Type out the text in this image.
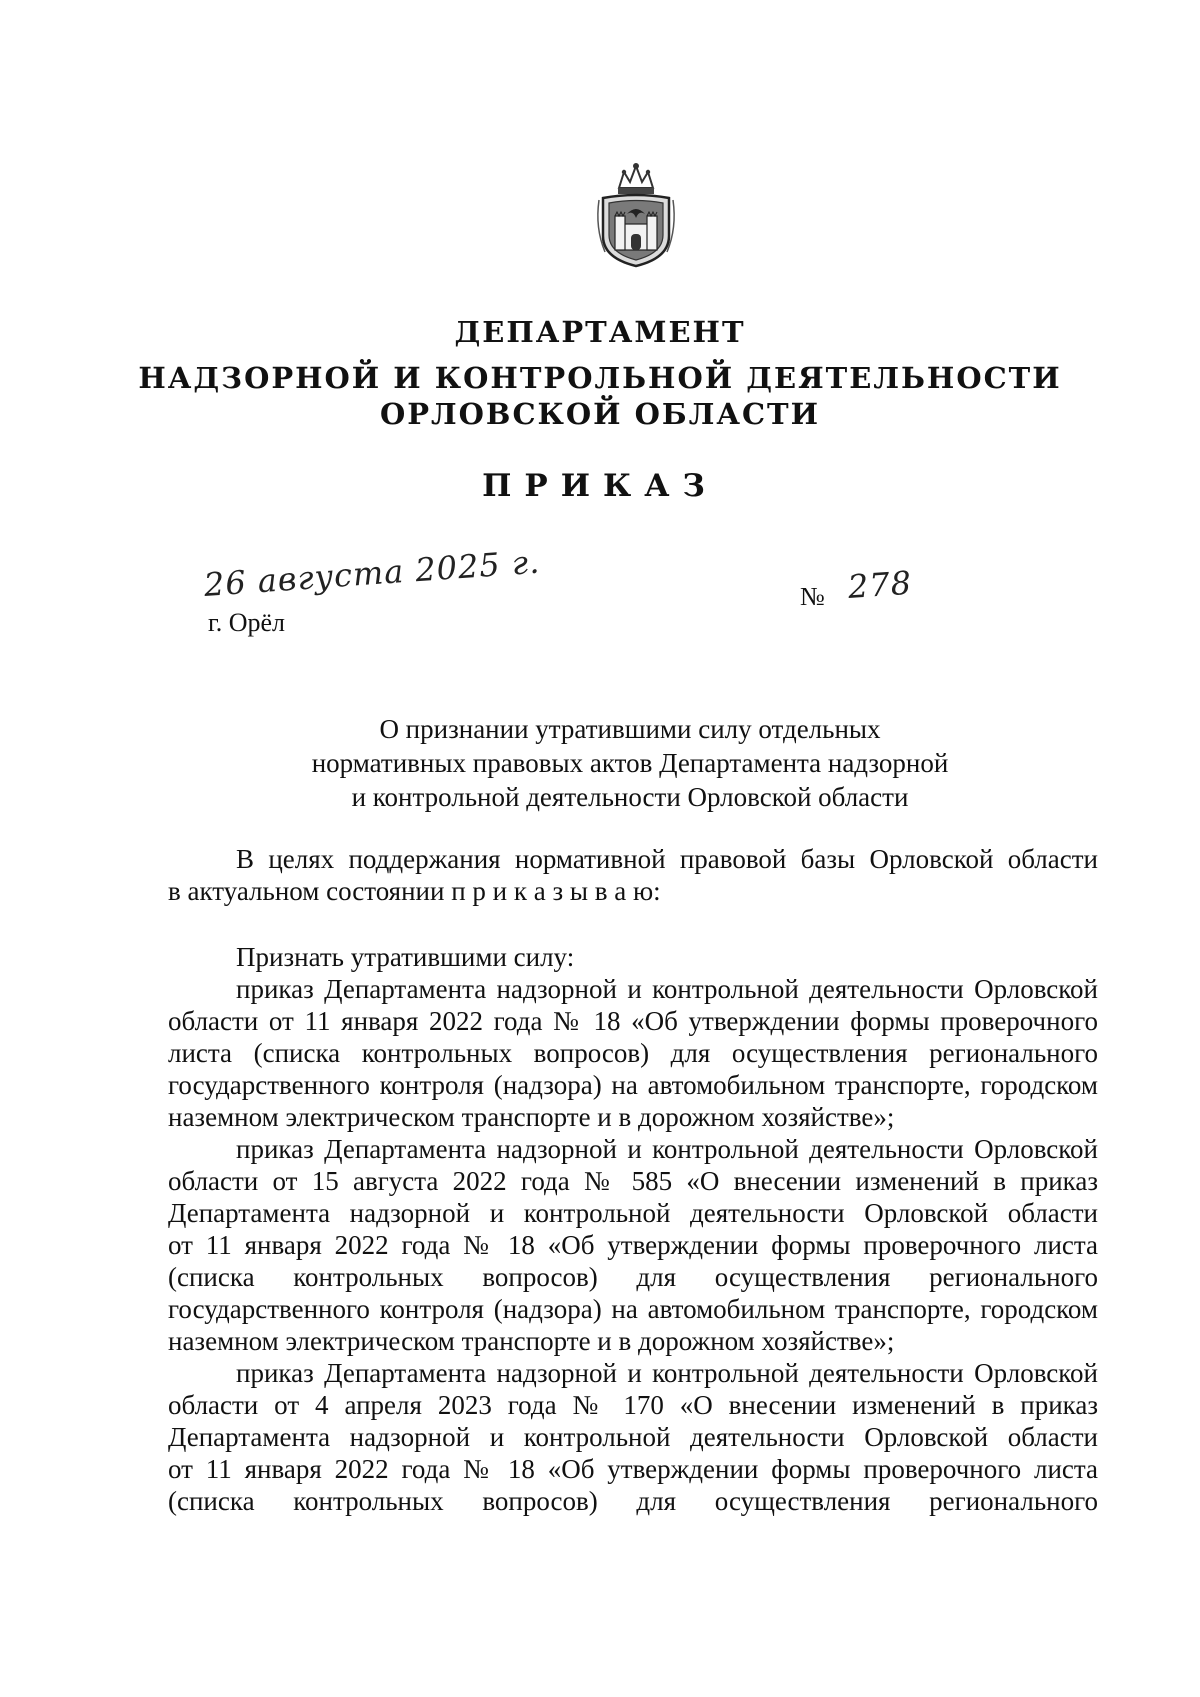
ДЕПАРТАМЕНТ
НАДЗОРНОЙ И КОНТРОЛЬНОЙ ДЕЯТЕЛЬНОСТИ
ОРЛОВСКОЙ ОБЛАСТИ
ПРИКАЗ
26 августа 2025 г.	№ 278
г. Орёл
О признании утратившими силу отдельных
нормативных правовых актов Департамента надзорной
и контрольной деятельности Орловской области
В целях поддержания нормативной правовой базы Орловской области
в актуальном состоянии п р и к а з ы в а ю:
Признать утратившими силу:
приказ Департамента надзорной и контрольной деятельности Орловской
области от 11 января 2022 года № 18 «Об утверждении формы проверочного
листа (списка контрольных вопросов) для осуществления регионального
государственного контроля (надзора) на автомобильном транспорте, городском
наземном электрическом транспорте и в дорожном хозяйстве»;
приказ Департамента надзорной и контрольной деятельности Орловской
области от 15 августа 2022 года № 585 «О внесении изменений в приказ
Департамента надзорной и контрольной деятельности Орловской области
от 11 января 2022 года № 18 «Об утверждении формы проверочного листа
(списка контрольных вопросов) для осуществления регионального
государственного контроля (надзора) на автомобильном транспорте, городском
наземном электрическом транспорте и в дорожном хозяйстве»;
приказ Департамента надзорной и контрольной деятельности Орловской
области от 4 апреля 2023 года № 170 «О внесении изменений в приказ
Департамента надзорной и контрольной деятельности Орловской области
от 11 января 2022 года № 18 «Об утверждении формы проверочного листа
(списка контрольных вопросов) для осуществления регионального
